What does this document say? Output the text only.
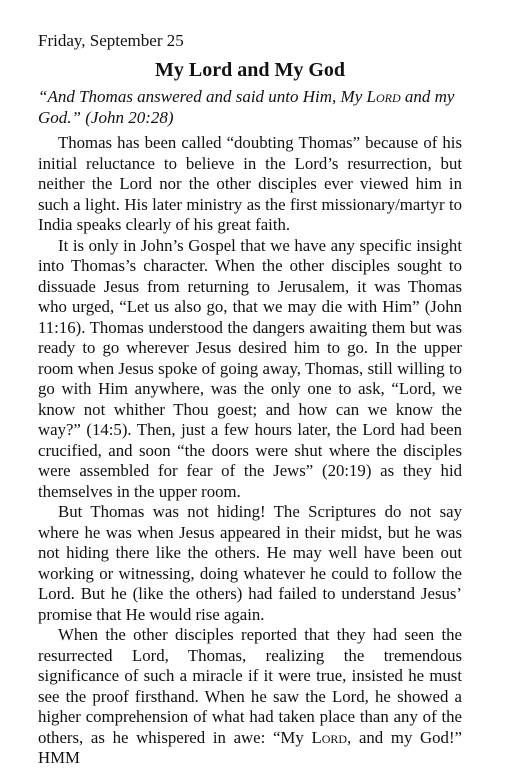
Friday, September 25

My Lord and My God

“And Thomas answered and said unto Him, My Lord and my God.” (John 20:28)

Thomas has been called “doubting Thomas” because of his initial reluctance to believe in the Lord’s resurrection, but neither the Lord nor the other disciples ever viewed him in such a light. His later ministry as the first missionary/martyr to India speaks clearly of his great faith.

It is only in John’s Gospel that we have any specific insight into Thomas’s character. When the other disciples sought to dissuade Jesus from returning to Jerusalem, it was Thomas who urged, “Let us also go, that we may die with Him” (John 11:16). Thomas understood the dangers awaiting them but was ready to go wherever Jesus desired him to go. In the upper room when Jesus spoke of going away, Thomas, still willing to go with Him anywhere, was the only one to ask, “Lord, we know not whither Thou goest; and how can we know the way?” (14:5). Then, just a few hours later, the Lord had been crucified, and soon “the doors were shut where the disciples were assembled for fear of the Jews” (20:19) as they hid themselves in the upper room.

But Thomas was not hiding! The Scriptures do not say where he was when Jesus appeared in their midst, but he was not hiding there like the others. He may well have been out working or witnessing, doing whatever he could to follow the Lord. But he (like the others) had failed to understand Jesus’ promise that He would rise again.

When the other disciples reported that they had seen the resurrected Lord, Thomas, realizing the tremendous significance of such a miracle if it were true, insisted he must see the proof firsthand. When he saw the Lord, he showed a higher comprehension of what had taken place than any of the others, as he whispered in awe: “My Lord, and my God!” HMM
